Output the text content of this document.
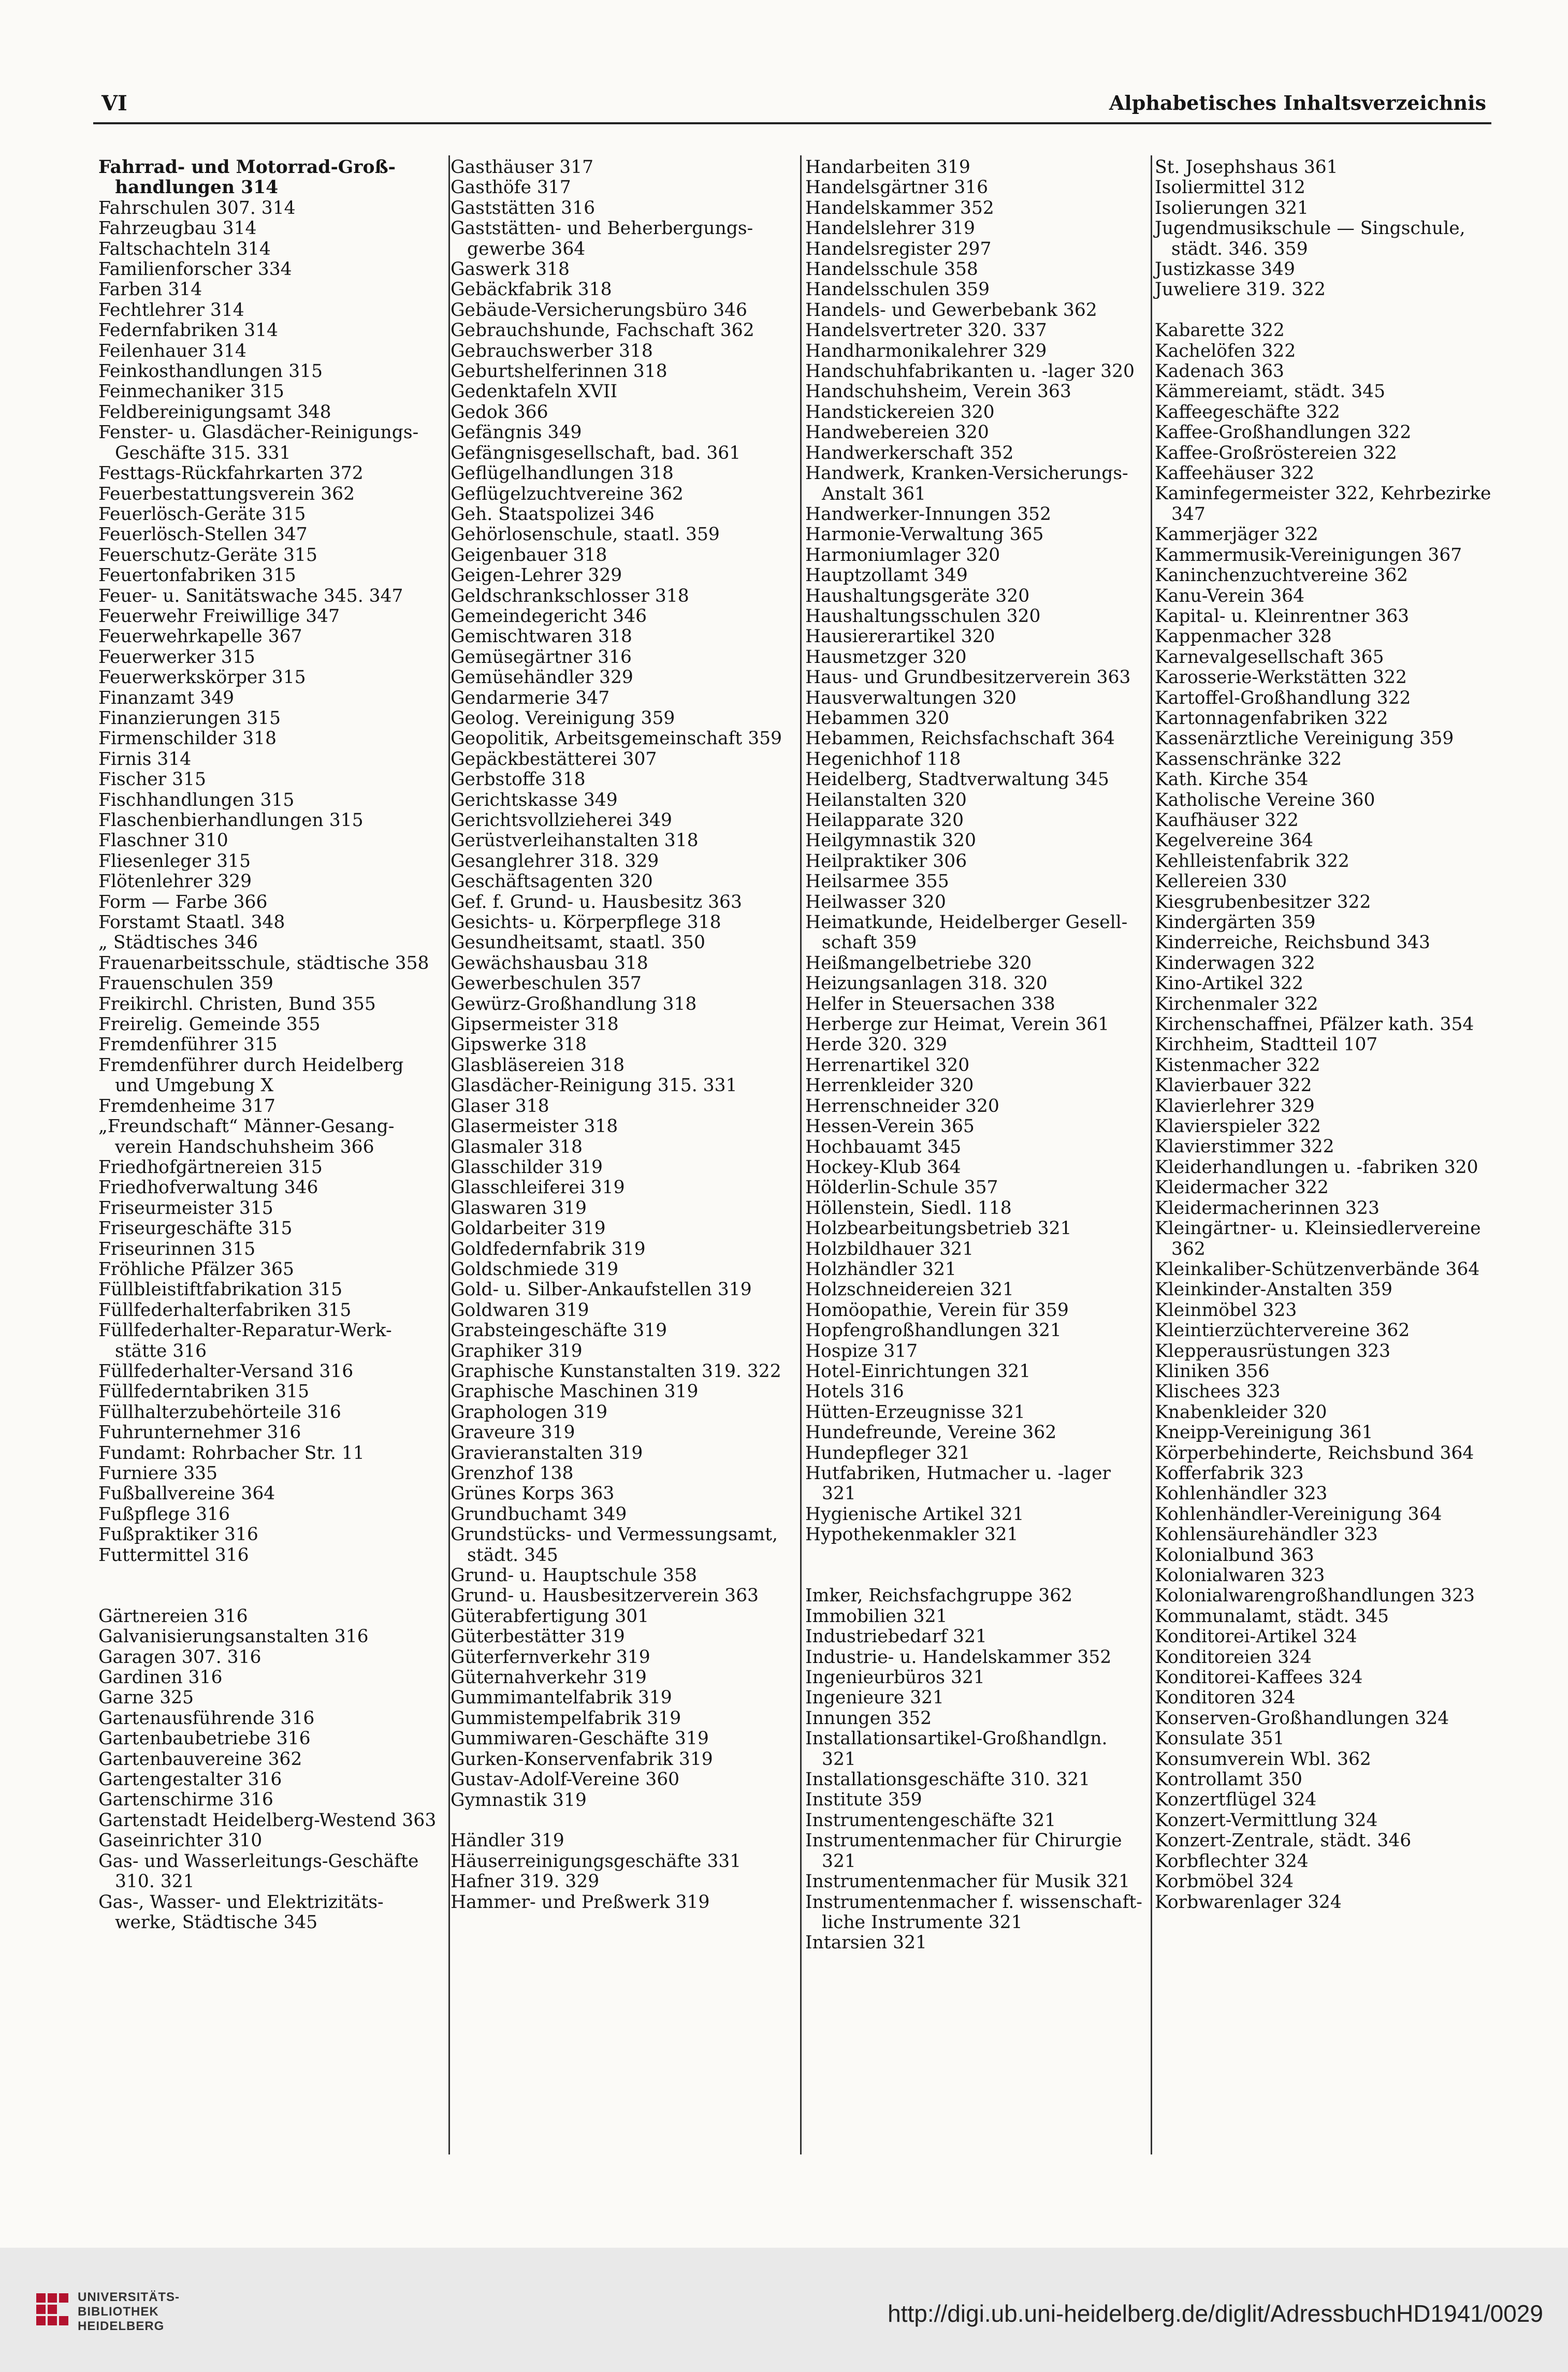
VI	Alphabetisches Inhaltsverzeichnis
Fahrrad- und Motorrad-Groß-handlungen 314
Fahrschulen 307. 314
Fahrzeugbau 314
Faltschachteln 314
Familienforscher 334
Farben 314
Fechtlehrer 314
Federnfabriken 314
Feilenhauer 314
Feinkosthandlungen 315
Feinmechaniker 315
Feldbereinigungsamt 348
Fenster- u. Glasdächer-Reinigungs-Geschäfte 315. 331
Festtags-Rückfahrkarten 372
Feuerbestattungsverein 362
Feuerlösch-Geräte 315
Feuerlösch-Stellen 347
Feuerschutz-Geräte 315
Feuertonfabriken 315
Feuer- u. Sanitätswache 345. 347
Feuerwehr Freiwillige 347
Feuerwehrkapelle 367
Feuerwerker 315
Feuerwerkskörper 315
Finanzamt 349
Finanzierungen 315
Firmenschilder 318
Firnis 314
Fischer 315
Fischhandlungen 315
Flaschenbierhandlungen 315
Flaschner 310
Fliesenleger 315
Flötenlehrer 329
Form — Farbe 366
Forstamt Staatl. 348
„ Städtisches 346
Frauenarbeitsschule, städtische 358
Frauenschulen 359
Freikirchl. Christen, Bund 355
Freirelig. Gemeinde 355
Fremdenführer 315
Fremdenführer durch Heidelberg und Umgebung X
Fremdenheime 317
„Freundschaft“ Männer-Gesang-verein Handschuhsheim 366
Friedhofgärtnereien 315
Friedhofverwaltung 346
Friseurmeister 315
Friseurgeschäfte 315
Friseurinnen 315
Fröhliche Pfälzer 365
Füllbleistiftfabrikation 315
Füllfederhalterfabriken 315
Füllfederhalter-Reparatur-Werk-stätte 316
Füllfederhalter-Versand 316
Füllfederntabriken 315
Füllhalterzubehörteile 316
Fuhrunternehmer 316
Fundamt: Rohrbacher Str. 11
Furniere 335
Fußballvereine 364
Fußpflege 316
Fußpraktiker 316
Futtermittel 316
Gärtnereien 316
Galvanisierungsanstalten 316
Garagen 307. 316
Gardinen 316
Garne 325
Gartenausführende 316
Gartenbaubetriebe 316
Gartenbauvereine 362
Gartengestalter 316
Gartenschirme 316
Gartenstadt Heidelberg-Westend 363
Gaseinrichter 310
Gas- und Wasserleitungs-Geschäfte 310. 321
Gas-, Wasser- und Elektrizitäts-werke, Städtische 345
Gasthäuser 317
Gasthöfe 317
Gaststätten 316
Gaststätten- und Beherbergungs-gewerbe 364
Gaswerk 318
Gebäckfabrik 318
Gebäude-Versicherungsbüro 346
Gebrauchshunde, Fachschaft 362
Gebrauchswerber 318
Geburtshelferinnen 318
Gedenktafeln XVII
Gedok 366
Gefängnis 349
Gefängnisgesellschaft, bad. 361
Geflügelhandlungen 318
Geflügelzuchtvereine 362
Geh. Staatspolizei 346
Gehörlosenschule, staatl. 359
Geigenbauer 318
Geigen-Lehrer 329
Geldschrankschlosser 318
Gemeindegericht 346
Gemischtwaren 318
Gemüsegärtner 316
Gemüsehändler 329
Gendarmerie 347
Geolog. Vereinigung 359
Geopolitik, Arbeitsgemeinschaft 359
Gepäckbestätterei 307
Gerbstoffe 318
Gerichtskasse 349
Gerichtsvollzieherei 349
Gerüstverleihanstalten 318
Gesanglehrer 318. 329
Geschäftsagenten 320
Gef. f. Grund- u. Hausbesitz 363
Gesichts- u. Körperpflege 318
Gesundheitsamt, staatl. 350
Gewächshausbau 318
Gewerbeschulen 357
Gewürz-Großhandlung 318
Gipsermeister 318
Gipswerke 318
Glasbläsereien 318
Glasdächer-Reinigung 315. 331
Glaser 318
Glasermeister 318
Glasmaler 318
Glasschilder 319
Glasschleiferei 319
Glaswaren 319
Goldarbeiter 319
Goldfedernfabrik 319
Goldschmiede 319
Gold- u. Silber-Ankaufstellen 319
Goldwaren 319
Grabsteingeschäfte 319
Graphiker 319
Graphische Kunstanstalten 319. 322
Graphische Maschinen 319
Graphologen 319
Graveure 319
Gravieranstalten 319
Grenzhof 138
Grünes Korps 363
Grundbuchamt 349
Grundstücks- und Vermessungsamt, städt. 345
Grund- u. Hauptschule 358
Grund- u. Hausbesitzerverein 363
Güterabfertigung 301
Güterbestätter 319
Güterfernverkehr 319
Güternahverkehr 319
Gummimantelfabrik 319
Gummistempelfabrik 319
Gummiwaren-Geschäfte 319
Gurken-Konservenfabrik 319
Gustav-Adolf-Vereine 360
Gymnastik 319
Händler 319
Häuserreinigungsgeschäfte 331
Hafner 319. 329
Hammer- und Preßwerk 319
Handarbeiten 319
Handelsgärtner 316
Handelskammer 352
Handelslehrer 319
Handelsregister 297
Handelsschule 358
Handelsschulen 359
Handels- und Gewerbebank 362
Handelsvertreter 320. 337
Handharmonikalehrer 329
Handschuhfabrikanten u. -lager 320
Handschuhsheim, Verein 363
Handstickereien 320
Handwebereien 320
Handwerkerschaft 352
Handwerk, Kranken-Versicherungs-Anstalt 361
Handwerker-Innungen 352
Harmonie-Verwaltung 365
Harmoniumlager 320
Hauptzollamt 349
Haushaltungsgeräte 320
Haushaltungsschulen 320
Hausiererartikel 320
Hausmetzger 320
Haus- und Grundbesitzerverein 363
Hausverwaltungen 320
Hebammen 320
Hebammen, Reichsfachschaft 364
Hegenichhof 118
Heidelberg, Stadtverwaltung 345
Heilanstalten 320
Heilapparate 320
Heilgymnastik 320
Heilpraktiker 306
Heilsarmee 355
Heilwasser 320
Heimatkunde, Heidelberger Gesell-schaft 359
Heißmangelbetriebe 320
Heizungsanlagen 318. 320
Helfer in Steuersachen 338
Herberge zur Heimat, Verein 361
Herde 320. 329
Herrenartikel 320
Herrenkleider 320
Herrenschneider 320
Hessen-Verein 365
Hochbauamt 345
Hockey-Klub 364
Hölderlin-Schule 357
Höllenstein, Siedl. 118
Holzbearbeitungsbetrieb 321
Holzbildhauer 321
Holzhändler 321
Holzschneidereien 321
Homöopathie, Verein für 359
Hopfengroßhandlungen 321
Hospize 317
Hotel-Einrichtungen 321
Hotels 316
Hütten-Erzeugnisse 321
Hundefreunde, Vereine 362
Hundepfleger 321
Hutfabriken, Hutmacher u. -lager 321
Hygienische Artikel 321
Hypothekenmakler 321
Imker, Reichsfachgruppe 362
Immobilien 321
Industriebedarf 321
Industrie- u. Handelskammer 352
Ingenieurbüros 321
Ingenieure 321
Innungen 352
Installationsartikel-Großhandlgn. 321
Installationsgeschäfte 310. 321
Institute 359
Instrumentengeschäfte 321
Instrumentenmacher für Chirurgie 321
Instrumentenmacher für Musik 321
Instrumentenmacher f. wissenschaft-liche Instrumente 321
Intarsien 321
St. Josephshaus 361
Isoliermittel 312
Isolierungen 321
Jugendmusikschule — Singschule, städt. 346. 359
Justizkasse 349
Juweliere 319. 322
Kabarette 322
Kachelöfen 322
Kadenach 363
Kämmereiamt, städt. 345
Kaffeegeschäfte 322
Kaffee-Großhandlungen 322
Kaffee-Großröstereien 322
Kaffeehäuser 322
Kaminfegermeister 322, Kehrbezirke 347
Kammerjäger 322
Kammermusik-Vereinigungen 367
Kaninchenzuchtvereine 362
Kanu-Verein 364
Kapital- u. Kleinrentner 363
Kappenmacher 328
Karnevalgesellschaft 365
Karosserie-Werkstätten 322
Kartoffel-Großhandlung 322
Kartonnagenfabriken 322
Kassenärztliche Vereinigung 359
Kassenschränke 322
Kath. Kirche 354
Katholische Vereine 360
Kaufhäuser 322
Kegelvereine 364
Kehlleistenfabrik 322
Kellereien 330
Kiesgrubenbesitzer 322
Kindergärten 359
Kinderreiche, Reichsbund 343
Kinderwagen 322
Kino-Artikel 322
Kirchenmaler 322
Kirchenschaffnei, Pfälzer kath. 354
Kirchheim, Stadtteil 107
Kistenmacher 322
Klavierbauer 322
Klavierlehrer 329
Klavierspieler 322
Klavierstimmer 322
Kleiderhandlungen u. -fabriken 320
Kleidermacher 322
Kleidermacherinnen 323
Kleingärtner- u. Kleinsiedlervereine 362
Kleinkaliber-Schützenverbände 364
Kleinkinder-Anstalten 359
Kleinmöbel 323
Kleintierzüchtervereine 362
Klepperausrüstungen 323
Kliniken 356
Klischees 323
Knabenkleider 320
Kneipp-Vereinigung 361
Körperbehinderte, Reichsbund 364
Kofferfabrik 323
Kohlenhändler 323
Kohlenhändler-Vereinigung 364
Kohlensäurehändler 323
Kolonialbund 363
Kolonialwaren 323
Kolonialwarengroßhandlungen 323
Kommunalamt, städt. 345
Konditorei-Artikel 324
Konditoreien 324
Konditorei-Kaffees 324
Konditoren 324
Konserven-Großhandlungen 324
Konsulate 351
Konsumverein Wbl. 362
Kontrollamt 350
Konzertflügel 324
Konzert-Vermittlung 324
Konzert-Zentrale, städt. 346
Korbflechter 324
Korbmöbel 324
Korbwarenlager 324
UNIVERSITÄTS-
BIBLIOTHEK
HEIDELBERG	http://digi.ub.uni-heidelberg.de/diglit/AdressbuchHD1941/0029
